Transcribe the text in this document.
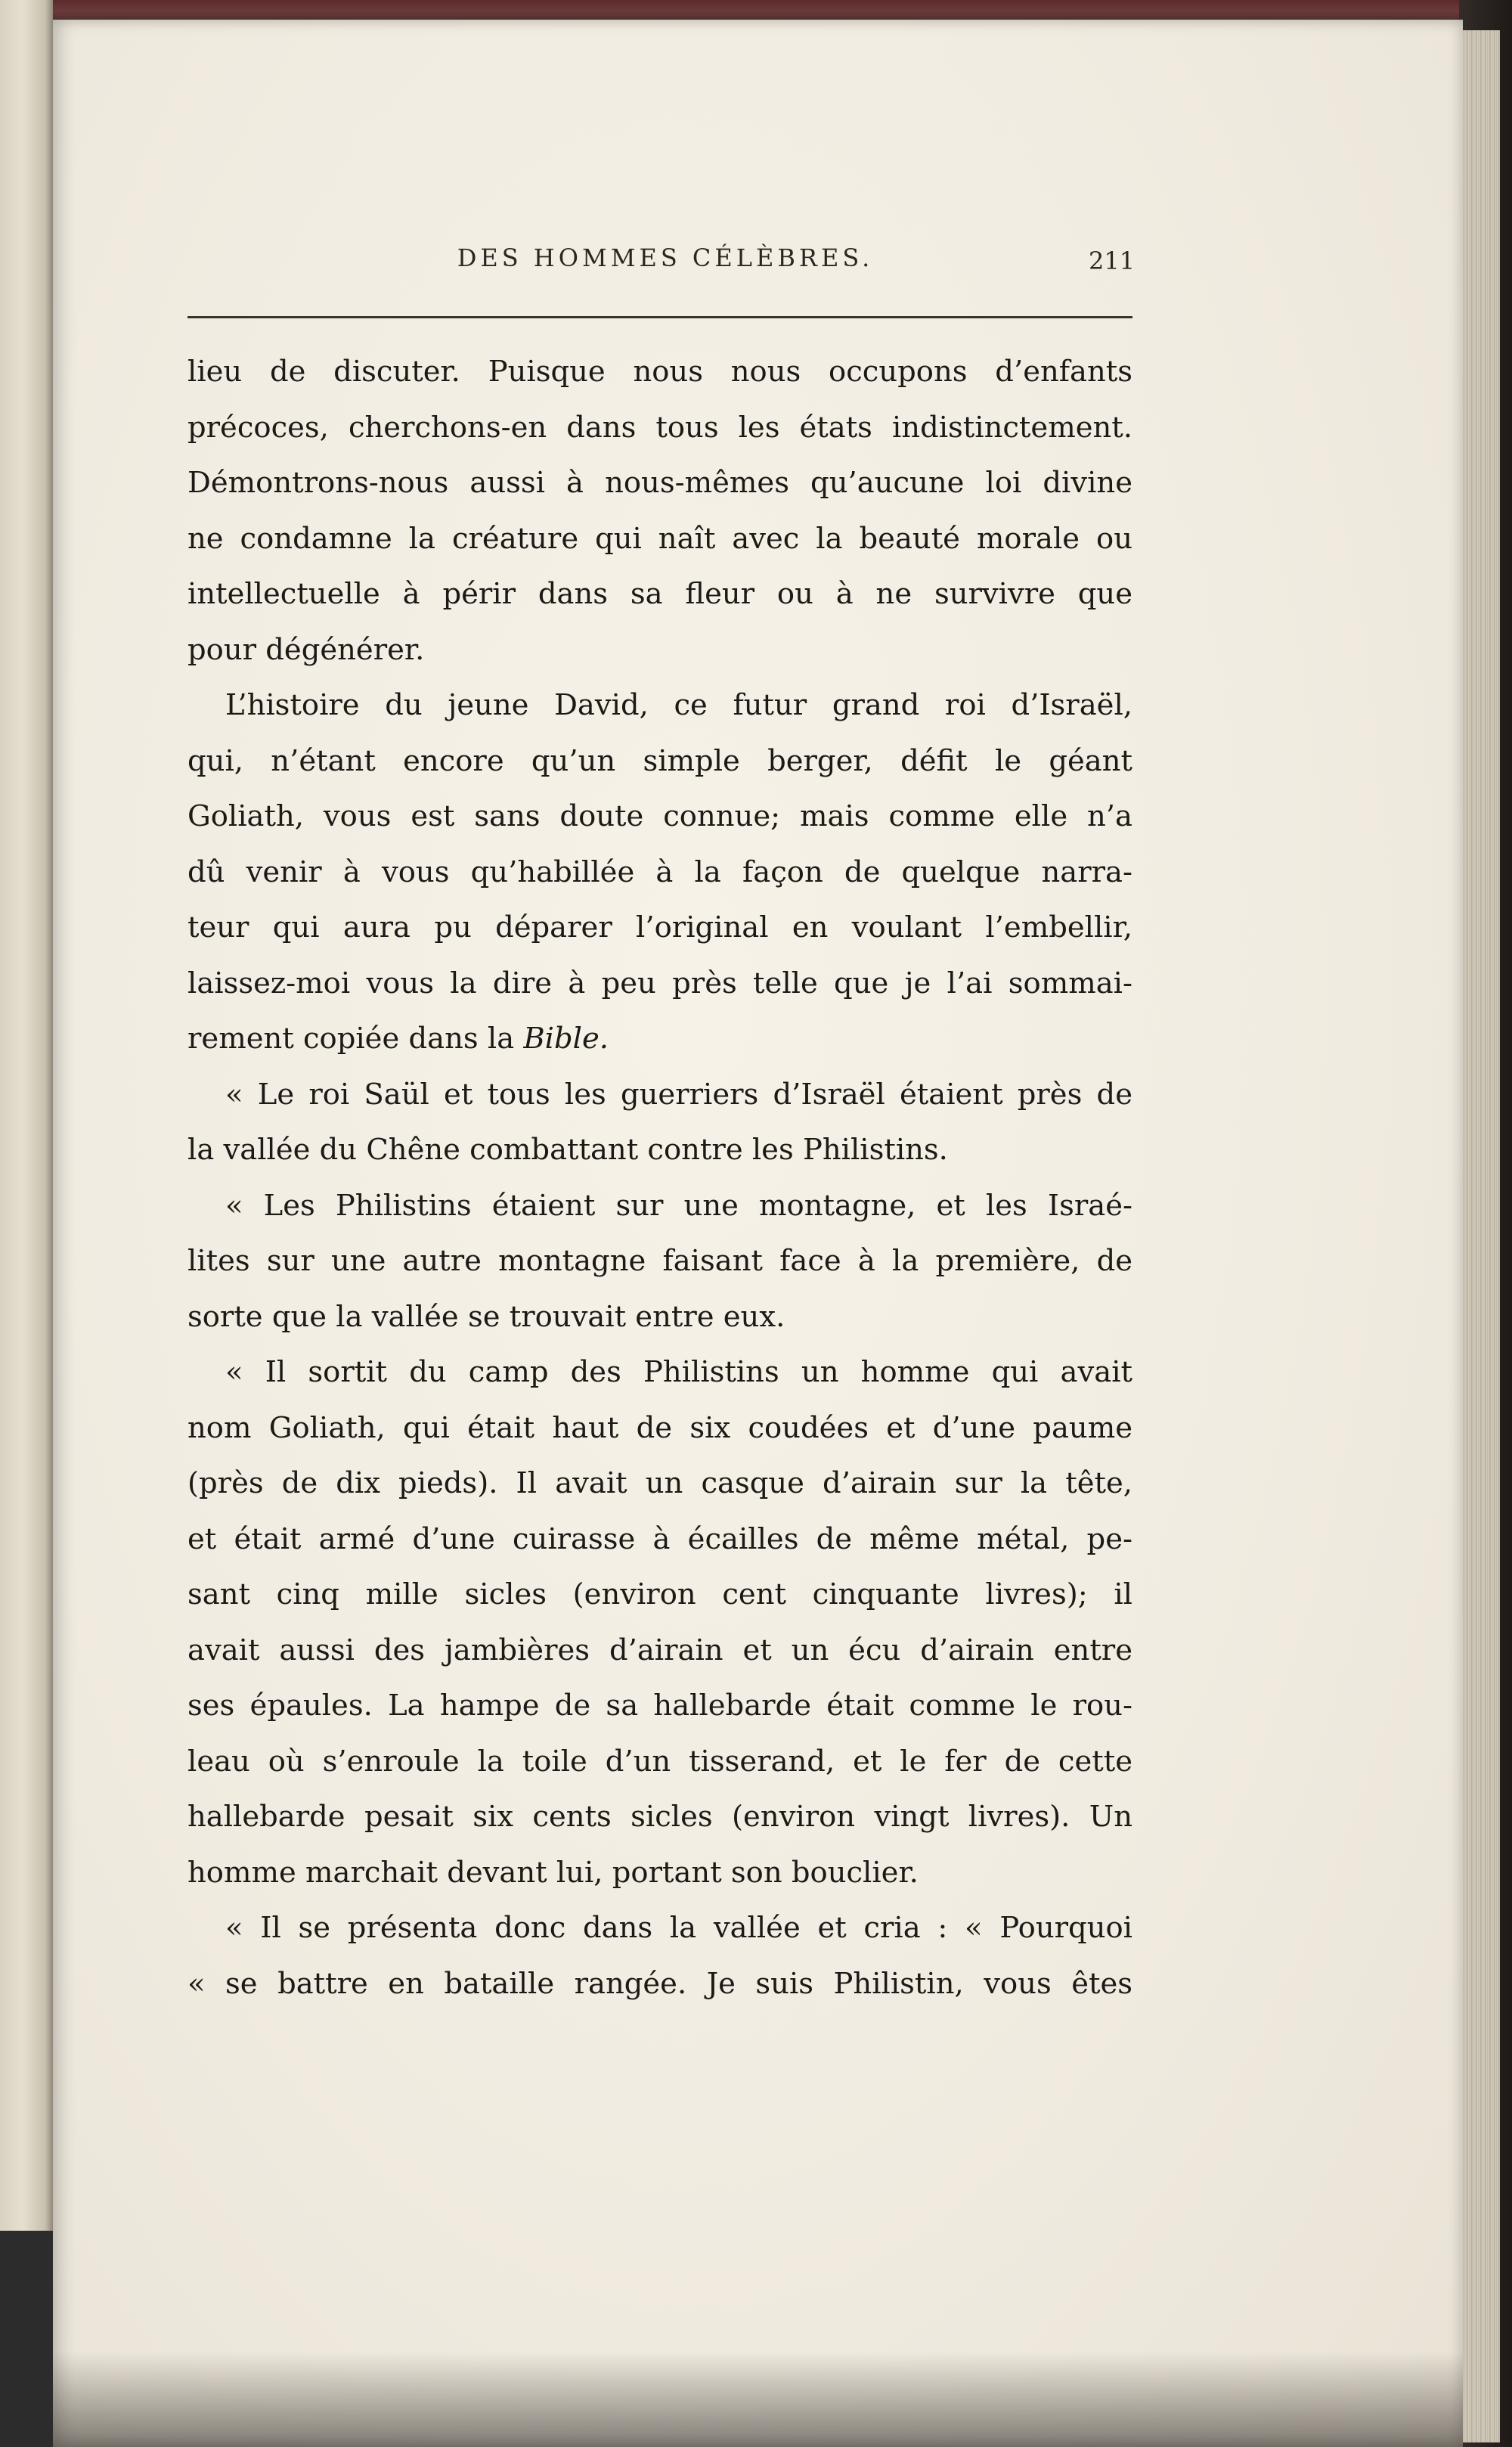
DES HOMMES CÉLÈBRES.	211
lieu de discuter. Puisque nous nous occupons d’enfants
précoces, cherchons-en dans tous les états indistinctement.
Démontrons-nous aussi à nous-mêmes qu’aucune loi divine
ne condamne la créature qui naît avec la beauté morale ou
intellectuelle à périr dans sa fleur ou à ne survivre que
pour dégénérer.
L’histoire du jeune David, ce futur grand roi d’Israël,
qui, n’étant encore qu’un simple berger, défit le géant
Goliath, vous est sans doute connue; mais comme elle n’a
dû venir à vous qu’habillée à la façon de quelque narra-
teur qui aura pu déparer l’original en voulant l’embellir,
laissez-moi vous la dire à peu près telle que je l’ai sommai-
rement copiée dans la Bible.
« Le roi Saül et tous les guerriers d’Israël étaient près de
la vallée du Chêne combattant contre les Philistins.
« Les Philistins étaient sur une montagne, et les Israé-
lites sur une autre montagne faisant face à la première, de
sorte que la vallée se trouvait entre eux.
« Il sortit du camp des Philistins un homme qui avait
nom Goliath, qui était haut de six coudées et d’une paume
(près de dix pieds). Il avait un casque d’airain sur la tête,
et était armé d’une cuirasse à écailles de même métal, pe-
sant cinq mille sicles (environ cent cinquante livres); il
avait aussi des jambières d’airain et un écu d’airain entre
ses épaules. La hampe de sa hallebarde était comme le rou-
leau où s’enroule la toile d’un tisserand, et le fer de cette
hallebarde pesait six cents sicles (environ vingt livres). Un
homme marchait devant lui, portant son bouclier.
« Il se présenta donc dans la vallée et cria : « Pourquoi
« se battre en bataille rangée. Je suis Philistin, vous êtes
